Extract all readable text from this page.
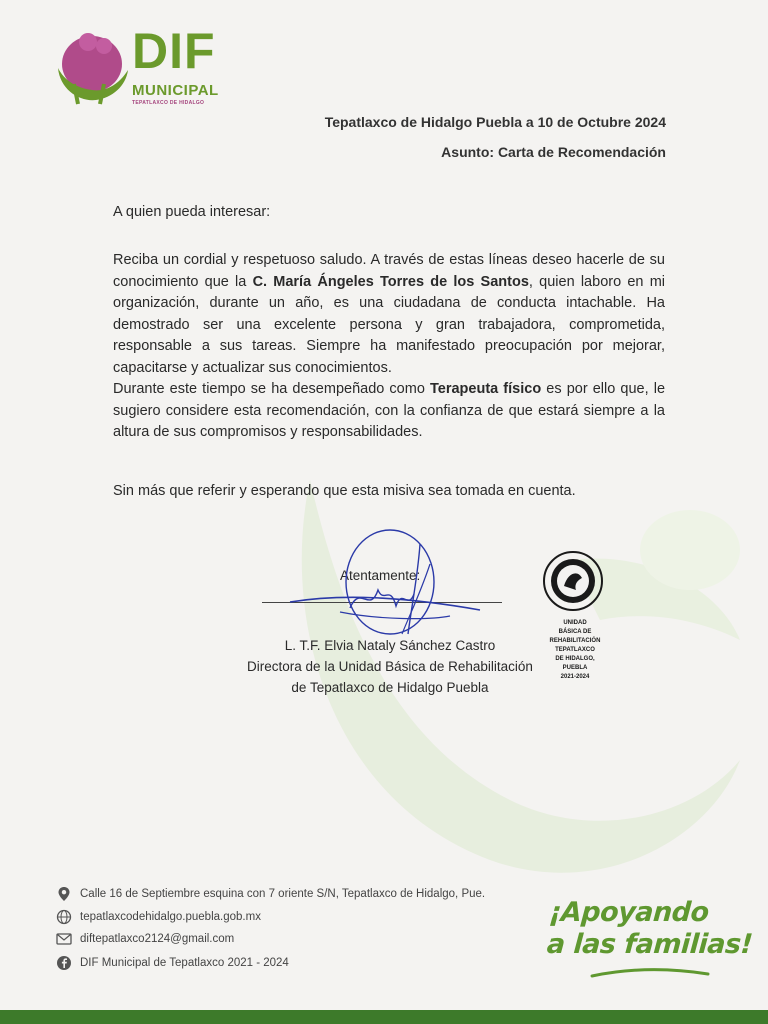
DIF
MUNICIPAL
TEPATLAXCO DE HIDALGO
Tepatlaxco de Hidalgo Puebla a 10 de Octubre 2024
Asunto: Carta de Recomendación
A quien pueda interesar:
Reciba un cordial y respetuoso saludo. A través de estas líneas deseo hacerle de su conocimiento que la C. María Ángeles Torres de los Santos, quien laboro en mi organización, durante un año, es una ciudadana de conducta intachable. Ha demostrado ser una excelente persona y gran trabajadora, comprometida, responsable a sus tareas. Siempre ha manifestado preocupación por mejorar, capacitarse y actualizar sus conocimientos.
Durante este tiempo se ha desempeñado como Terapeuta físico es por ello que, le sugiero considere esta recomendación, con la confianza de que estará siempre a la altura de sus compromisos y responsabilidades.
Sin más que referir y esperando que esta misiva sea tomada en cuenta.
Atentamente:
L. T.F. Elvia Nataly Sánchez Castro
Directora de la Unidad Básica de Rehabilitación
de Tepatlaxco de Hidalgo Puebla
UNIDAD
BÁSICA DE
REHABILITACIÓN
TEPATLAXCO
DE HIDALGO,
PUEBLA
2021-2024
Calle 16 de Septiembre esquina con 7 oriente S/N, Tepatlaxco de Hidalgo, Pue.
tepatlaxcodehidalgo.puebla.gob.mx
diftepatlaxco2124@gmail.com
DIF Municipal de Tepatlaxco 2021 - 2024
¡Apoyando
a las familias!
